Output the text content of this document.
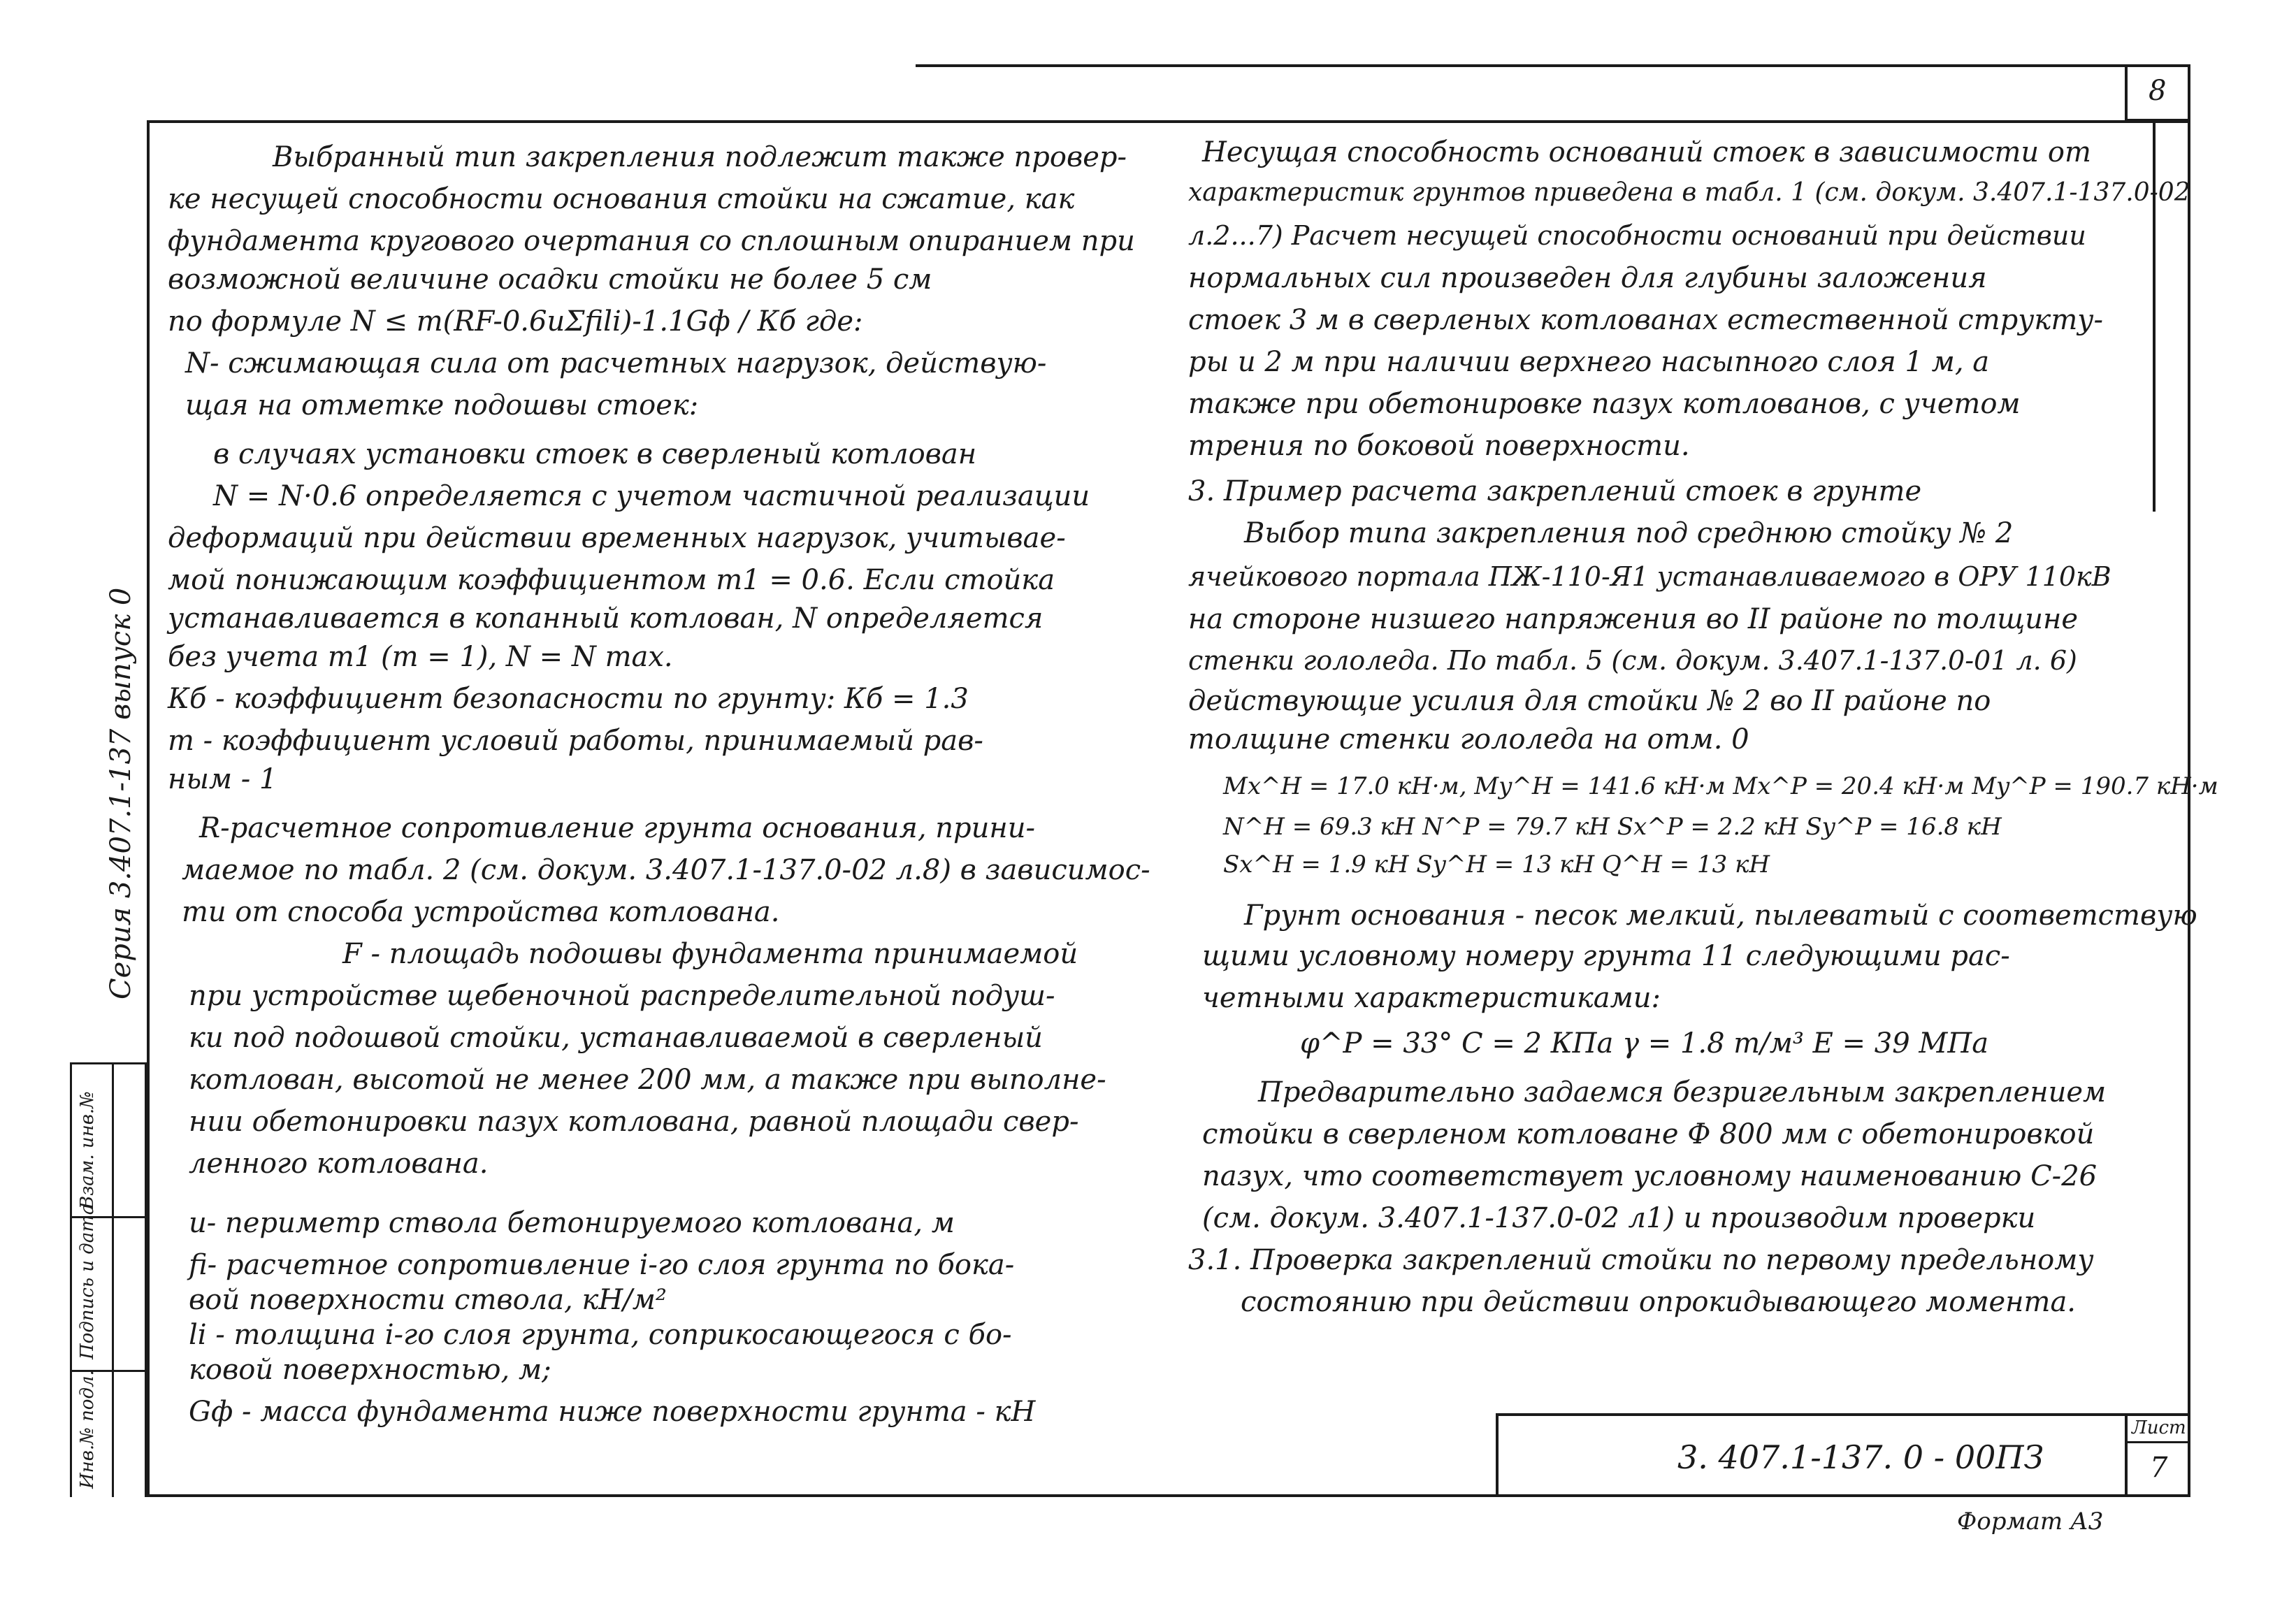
8
Серия 3.407.1-137 выпуск 0
Инв.№ подл.
Подпись и дата
Взам. инв.№
3. 407.1-137. 0 - 00ПЗ
Лист
7
Формат А3
Выбранный тип закрепления подлежит также провер-
ке несущей способности основания стойки на сжатие, как
фундамента кругового очертания со сплошным опиранием при
возможной величине осадки стойки не более 5 см
по формуле N ≤ m(RF-0.6uΣfili)-1.1Gф / Кб где:
N- сжимающая сила от расчетных нагрузок, действую-
щая на отметке подошвы стоек:
в случаях установки стоек в сверленый котлован
N = N·0.6 определяется с учетом частичной реализации
деформаций при действии временных нагрузок, учитывае-
мой понижающим коэффициентом m1 = 0.6. Если стойка
устанавливается в копанный котлован, N определяется
без учета m1 (m = 1), N = N max.
Кб - коэффициент безопасности по грунту: Кб = 1.3
m - коэффициент условий работы, принимаемый рав-
ным - 1
R-расчетное сопротивление грунта основания, прини-
маемое по табл. 2 (см. докум. 3.407.1-137.0-02 л.8) в зависимос-
ти от способа устройства котлована.
F - площадь подошвы фундамента принимаемой
при устройстве щебеночной распределительной подуш-
ки под подошвой стойки, устанавливаемой в сверленый
котлован, высотой не менее 200 мм, а также при выполне-
нии обетонировки пазух котлована, равной площади свер-
ленного котлована.
u- периметр ствола бетонируемого котлована, м
fi- расчетное сопротивление i-го слоя грунта по бока-
вой поверхности ствола, кН/м²
li - толщина i-го слоя грунта, соприкосающегося с бо-
ковой поверхностью, м;
Gф - масса фундамента ниже поверхности грунта - кН
Несущая способность оснований стоек в зависимости от
характеристик грунтов приведена в табл. 1 (см. докум. 3.407.1-137.0-02
л.2...7) Расчет несущей способности оснований при действии
нормальных сил произведен для глубины заложения
стоек 3 м в сверленых котлованах естественной структу-
ры и 2 м при наличии верхнего насыпного слоя 1 м, а
также при обетонировке пазух котлованов, с учетом
трения по боковой поверхности.
3. Пример расчета закреплений стоек в грунте
Выбор типа закрепления под среднюю стойку № 2
ячейкового портала ПЖ-110-Я1 устанавливаемого в ОРУ 110кВ
на стороне низшего напряжения во II районе по толщине
стенки гололеда. По табл. 5 (см. докум. 3.407.1-137.0-01 л. 6)
действующие усилия для стойки № 2 во II районе по
толщине стенки гололеда на отм. 0
Mx^H = 17.0 кН·м, My^H = 141.6 кН·м Mx^P = 20.4 кН·м My^P = 190.7 кН·м
N^H = 69.3 кН N^P = 79.7 кН Sx^P = 2.2 кН Sy^P = 16.8 кН
Sx^H = 1.9 кН Sy^H = 13 кН Q^H = 13 кН
Грунт основания - песок мелкий, пылеватый с соответствую
щими условному номеру грунта 11 следующими рас-
четными характеристиками:
φ^P = 33° C = 2 КПа γ = 1.8 т/м³ E = 39 МПа
Предварительно задаемся безригельным закреплением
стойки в сверленом котловане Ф 800 мм с обетонировкой
пазух, что соответствует условному наименованию С-26
(см. докум. 3.407.1-137.0-02 л1) и производим проверки
3.1. Проверка закреплений стойки по первому предельному
состоянию при действии опрокидывающего момента.
